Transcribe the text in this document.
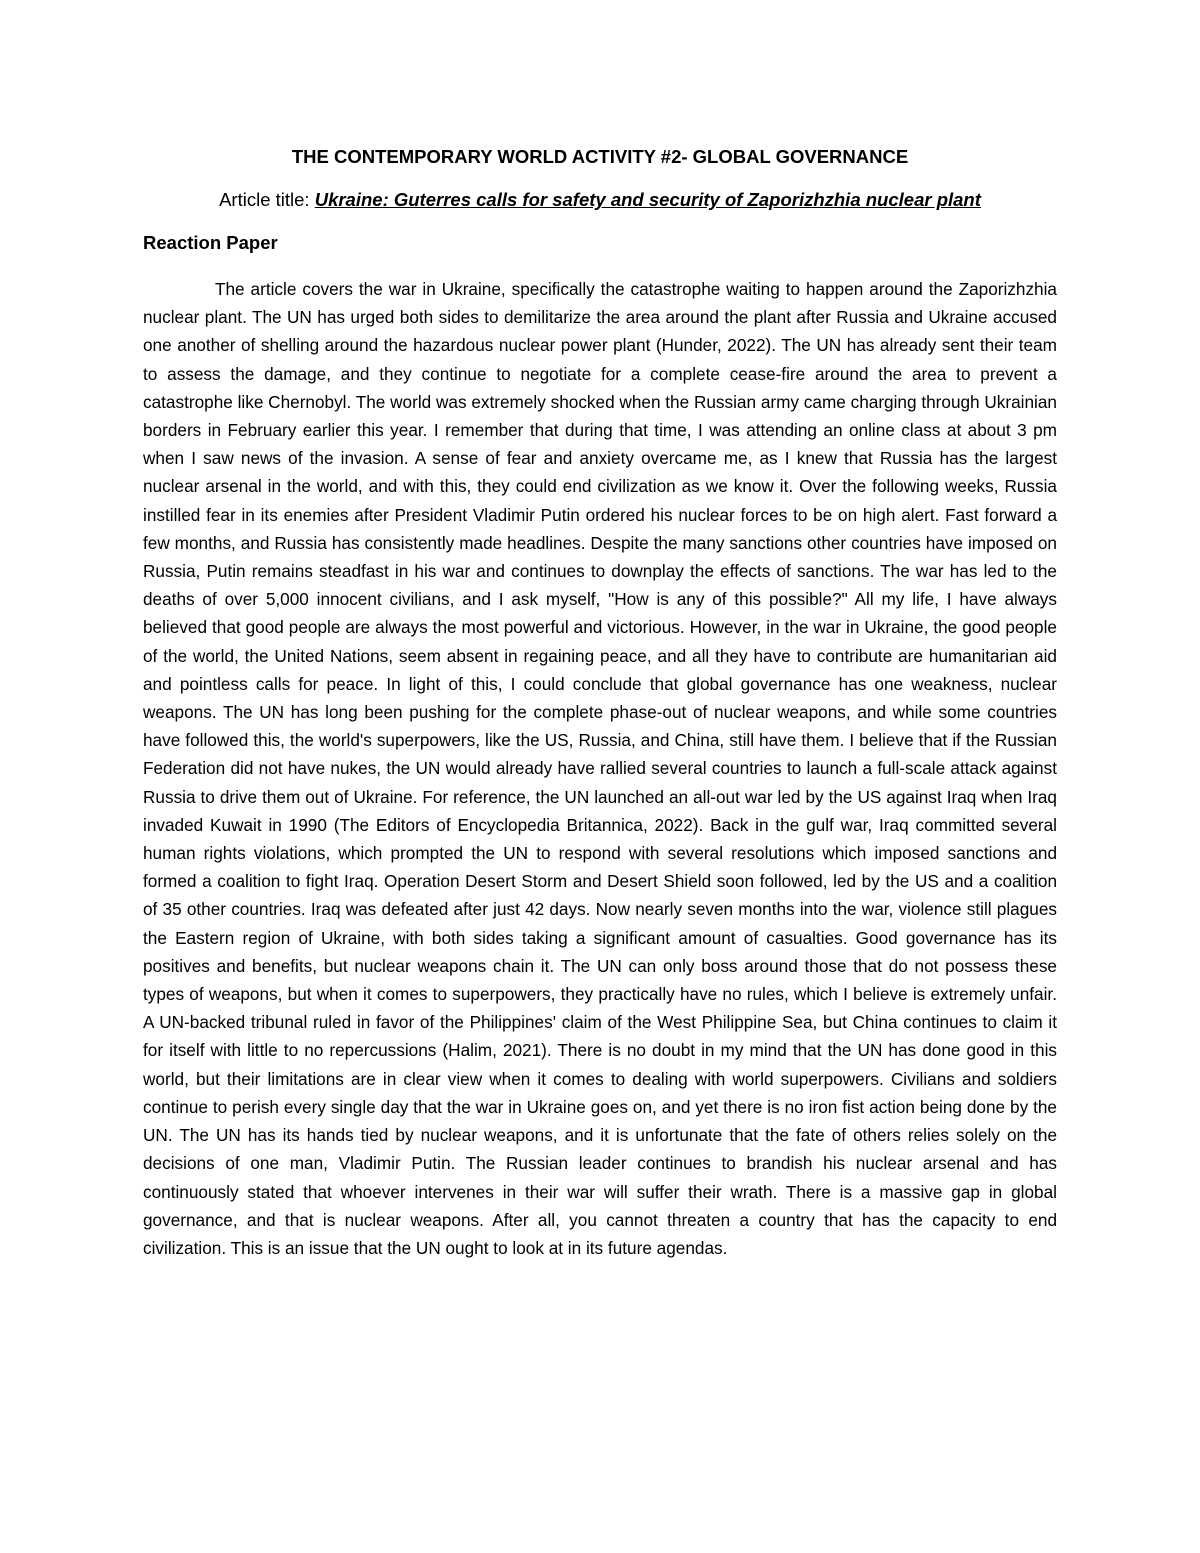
THE CONTEMPORARY WORLD ACTIVITY #2- GLOBAL GOVERNANCE
Article title: Ukraine: Guterres calls for safety and security of Zaporizhzhia nuclear plant
Reaction Paper

The article covers the war in Ukraine, specifically the catastrophe waiting to happen around the Zaporizhzhia nuclear plant. The UN has urged both sides to demilitarize the area around the plant after Russia and Ukraine accused one another of shelling around the hazardous nuclear power plant (Hunder, 2022). The UN has already sent their team to assess the damage, and they continue to negotiate for a complete cease-fire around the area to prevent a catastrophe like Chernobyl. The world was extremely shocked when the Russian army came charging through Ukrainian borders in February earlier this year. I remember that during that time, I was attending an online class at about 3 pm when I saw news of the invasion. A sense of fear and anxiety overcame me, as I knew that Russia has the largest nuclear arsenal in the world, and with this, they could end civilization as we know it. Over the following weeks, Russia instilled fear in its enemies after President Vladimir Putin ordered his nuclear forces to be on high alert. Fast forward a few months, and Russia has consistently made headlines. Despite the many sanctions other countries have imposed on Russia, Putin remains steadfast in his war and continues to downplay the effects of sanctions. The war has led to the deaths of over 5,000 innocent civilians, and I ask myself, "How is any of this possible?" All my life, I have always believed that good people are always the most powerful and victorious. However, in the war in Ukraine, the good people of the world, the United Nations, seem absent in regaining peace, and all they have to contribute are humanitarian aid and pointless calls for peace. In light of this, I could conclude that global governance has one weakness, nuclear weapons. The UN has long been pushing for the complete phase-out of nuclear weapons, and while some countries have followed this, the world's superpowers, like the US, Russia, and China, still have them. I believe that if the Russian Federation did not have nukes, the UN would already have rallied several countries to launch a full-scale attack against Russia to drive them out of Ukraine. For reference, the UN launched an all-out war led by the US against Iraq when Iraq invaded Kuwait in 1990 (The Editors of Encyclopedia Britannica, 2022). Back in the gulf war, Iraq committed several human rights violations, which prompted the UN to respond with several resolutions which imposed sanctions and formed a coalition to fight Iraq. Operation Desert Storm and Desert Shield soon followed, led by the US and a coalition of 35 other countries. Iraq was defeated after just 42 days. Now nearly seven months into the war, violence still plagues the Eastern region of Ukraine, with both sides taking a significant amount of casualties. Good governance has its positives and benefits, but nuclear weapons chain it. The UN can only boss around those that do not possess these types of weapons, but when it comes to superpowers, they practically have no rules, which I believe is extremely unfair. A UN-backed tribunal ruled in favor of the Philippines' claim of the West Philippine Sea, but China continues to claim it for itself with little to no repercussions (Halim, 2021). There is no doubt in my mind that the UN has done good in this world, but their limitations are in clear view when it comes to dealing with world superpowers. Civilians and soldiers continue to perish every single day that the war in Ukraine goes on, and yet there is no iron fist action being done by the UN. The UN has its hands tied by nuclear weapons, and it is unfortunate that the fate of others relies solely on the decisions of one man, Vladimir Putin. The Russian leader continues to brandish his nuclear arsenal and has continuously stated that whoever intervenes in their war will suffer their wrath. There is a massive gap in global governance, and that is nuclear weapons. After all, you cannot threaten a country that has the capacity to end civilization. This is an issue that the UN ought to look at in its future agendas.
